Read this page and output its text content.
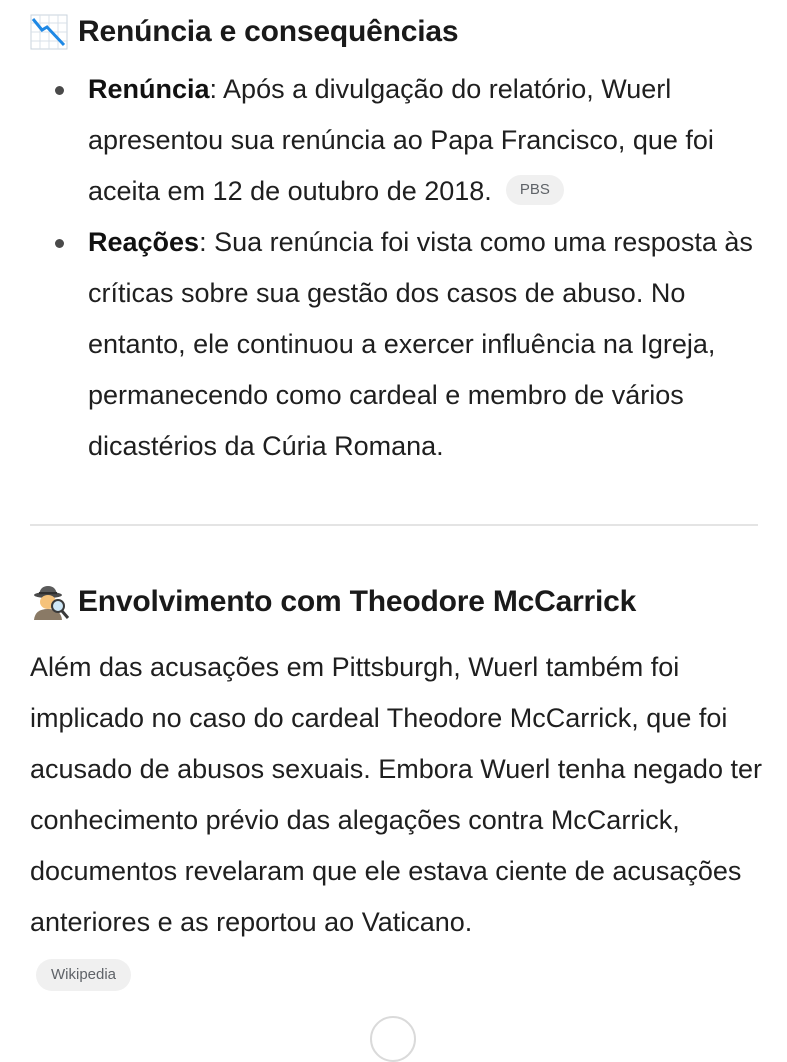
Renúncia e consequências
Renúncia: Após a divulgação do relatório, Wuerl apresentou sua renúncia ao Papa Francisco, que foi aceita em 12 de outubro de 2018. PBS
Reações: Sua renúncia foi vista como uma resposta às críticas sobre sua gestão dos casos de abuso. No entanto, ele continuou a exercer influência na Igreja, permanecendo como cardeal e membro de vários dicastérios da Cúria Romana.
Envolvimento com Theodore McCarrick

Além das acusações em Pittsburgh, Wuerl também foi implicado no caso do cardeal Theodore McCarrick, que foi acusado de abusos sexuais. Embora Wuerl tenha negado ter conhecimento prévio das alegações contra McCarrick, documentos revelaram que ele estava ciente de acusações anteriores e as reportou ao Vaticano.

Wikipedia
